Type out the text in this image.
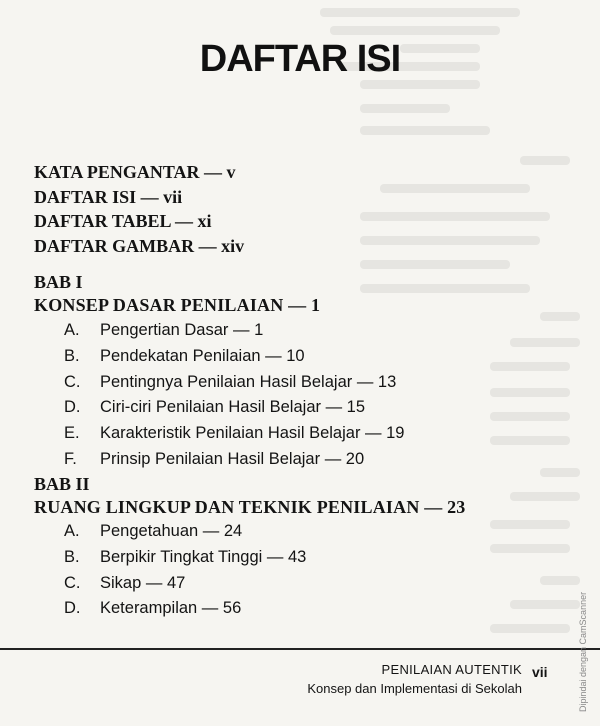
DAFTAR ISI
KATA PENGANTAR — v
DAFTAR ISI — vii
DAFTAR TABEL — xi
DAFTAR GAMBAR — xiv
BAB I
KONSEP DASAR PENILAIAN — 1
A.	Pengertian Dasar — 1
B.	Pendekatan Penilaian — 10
C.	Pentingnya Penilaian Hasil Belajar — 13
D.	Ciri-ciri Penilaian Hasil Belajar — 15
E.	Karakteristik Penilaian Hasil Belajar — 19
F.	Prinsip Penilaian Hasil Belajar — 20
BAB II
RUANG LINGKUP DAN TEKNIK PENILAIAN — 23
A.	Pengetahuan — 24
B.	Berpikir Tingkat Tinggi — 43
C.	Sikap — 47
D.	Keterampilan — 56
PENILAIAN AUTENTIK
Konsep dan Implementasi di Sekolah
vii	Dipindai dengan CamScanner
